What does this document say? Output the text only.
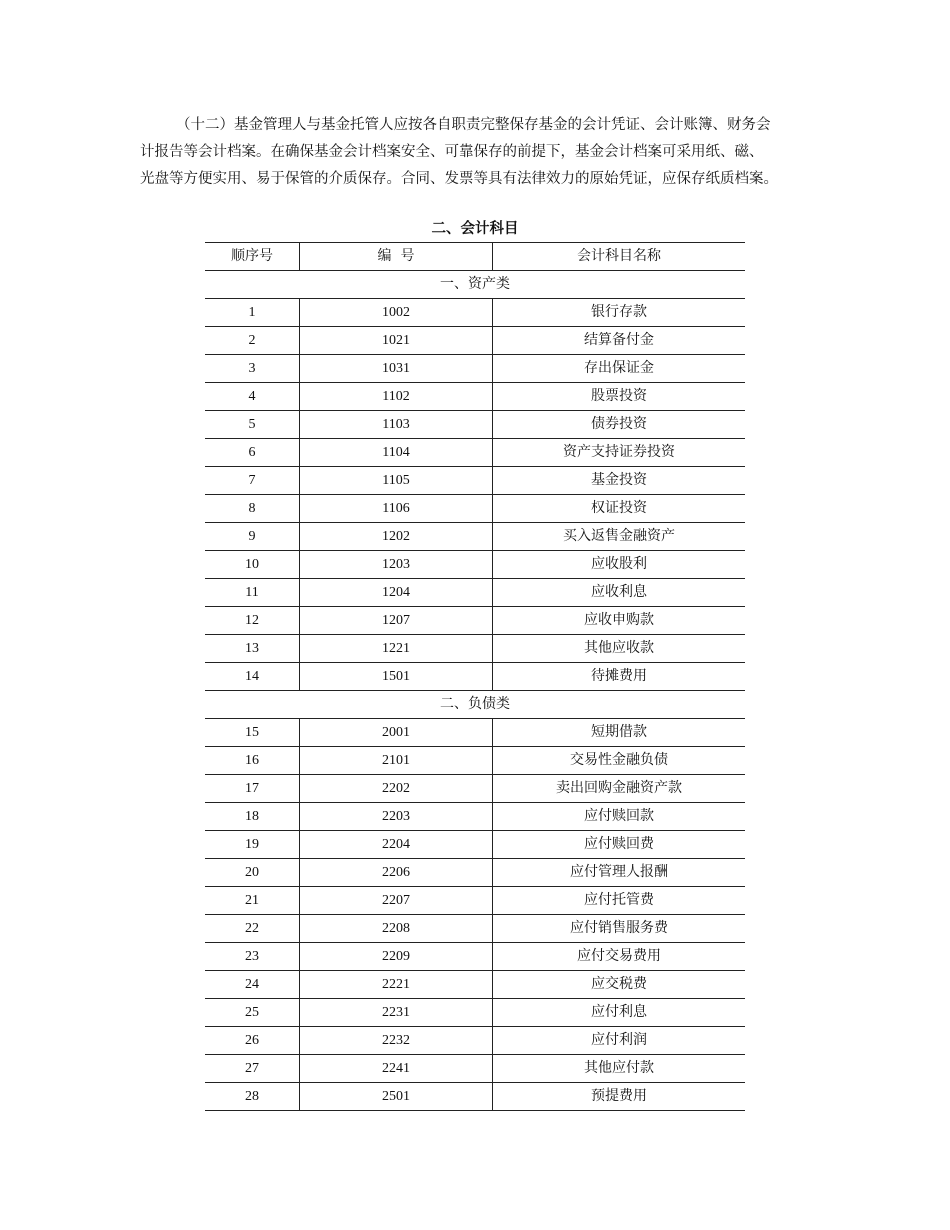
（十二）基金管理人与基金托管人应按各自职责完整保存基金的会计凭证、会计账簿、财务会

计报告等会计档案。在确保基金会计档案安全、可靠保存的前提下，基金会计档案可采用纸、磁、

光盘等方便实用、易于保管的介质保存。合同、发票等具有法律效力的原始凭证，应保存纸质档案。

二、会计科目
顺序号	编  号	会计科目名称
一、资产类		
1	1002	银行存款
2	1021	结算备付金
3	1031	存出保证金
4	1102	股票投资
5	1103	债券投资
6	1104	资产支持证券投资
7	1105	基金投资
8	1106	权证投资
9	1202	买入返售金融资产
10	1203	应收股利
11	1204	应收利息
12	1207	应收申购款
13	1221	其他应收款
14	1501	待摊费用
二、负债类		
15	2001	短期借款
16	2101	交易性金融负债
17	2202	卖出回购金融资产款
18	2203	应付赎回款
19	2204	应付赎回费
20	2206	应付管理人报酬
21	2207	应付托管费
22	2208	应付销售服务费
23	2209	应付交易费用
24	2221	应交税费
25	2231	应付利息
26	2232	应付利润
27	2241	其他应付款
28	2501	预提费用
